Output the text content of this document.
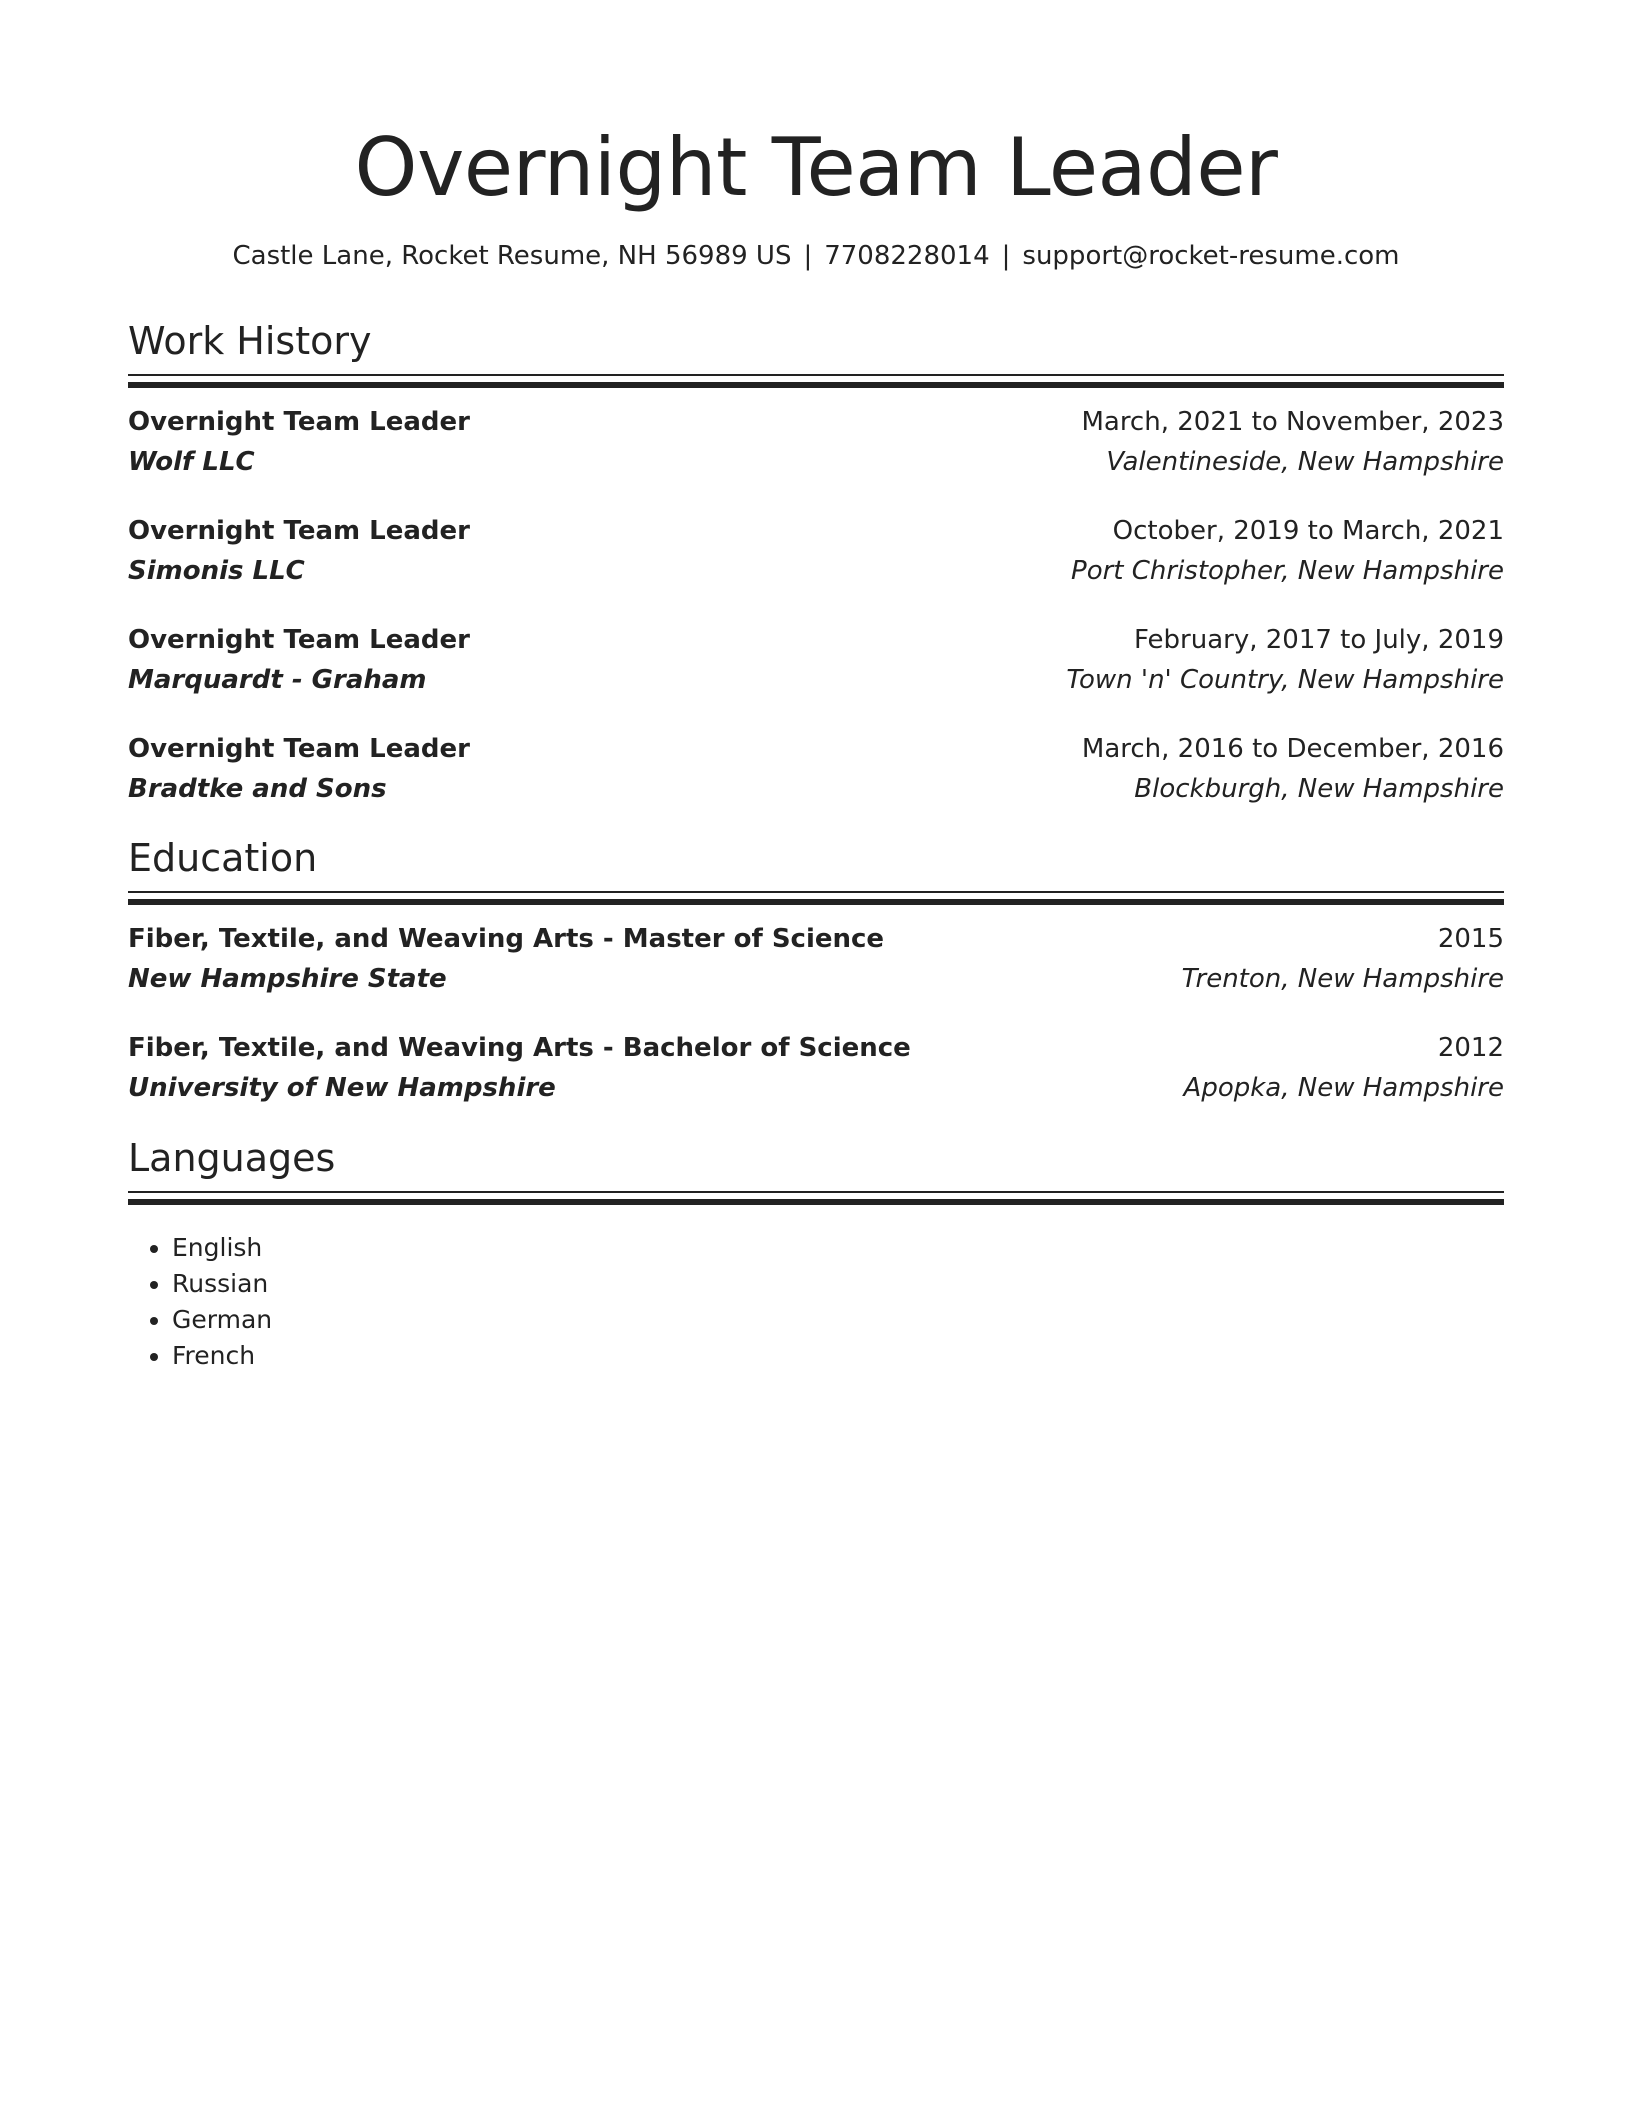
Overnight Team Leader
Castle Lane, Rocket Resume, NH 56989 US | 7708228014 | support@rocket-resume.com
Work History
Overnight Team Leader	March, 2021 to November, 2023
Wolf LLC	Valentineside, New Hampshire
Overnight Team Leader	October, 2019 to March, 2021
Simonis LLC	Port Christopher, New Hampshire
Overnight Team Leader	February, 2017 to July, 2019
Marquardt - Graham	Town 'n' Country, New Hampshire
Overnight Team Leader	March, 2016 to December, 2016
Bradtke and Sons	Blockburgh, New Hampshire
Education
Fiber, Textile, and Weaving Arts - Master of Science	2015
New Hampshire State	Trenton, New Hampshire
Fiber, Textile, and Weaving Arts - Bachelor of Science	2012
University of New Hampshire	Apopka, New Hampshire
Languages
• English
• Russian
• German
• French
